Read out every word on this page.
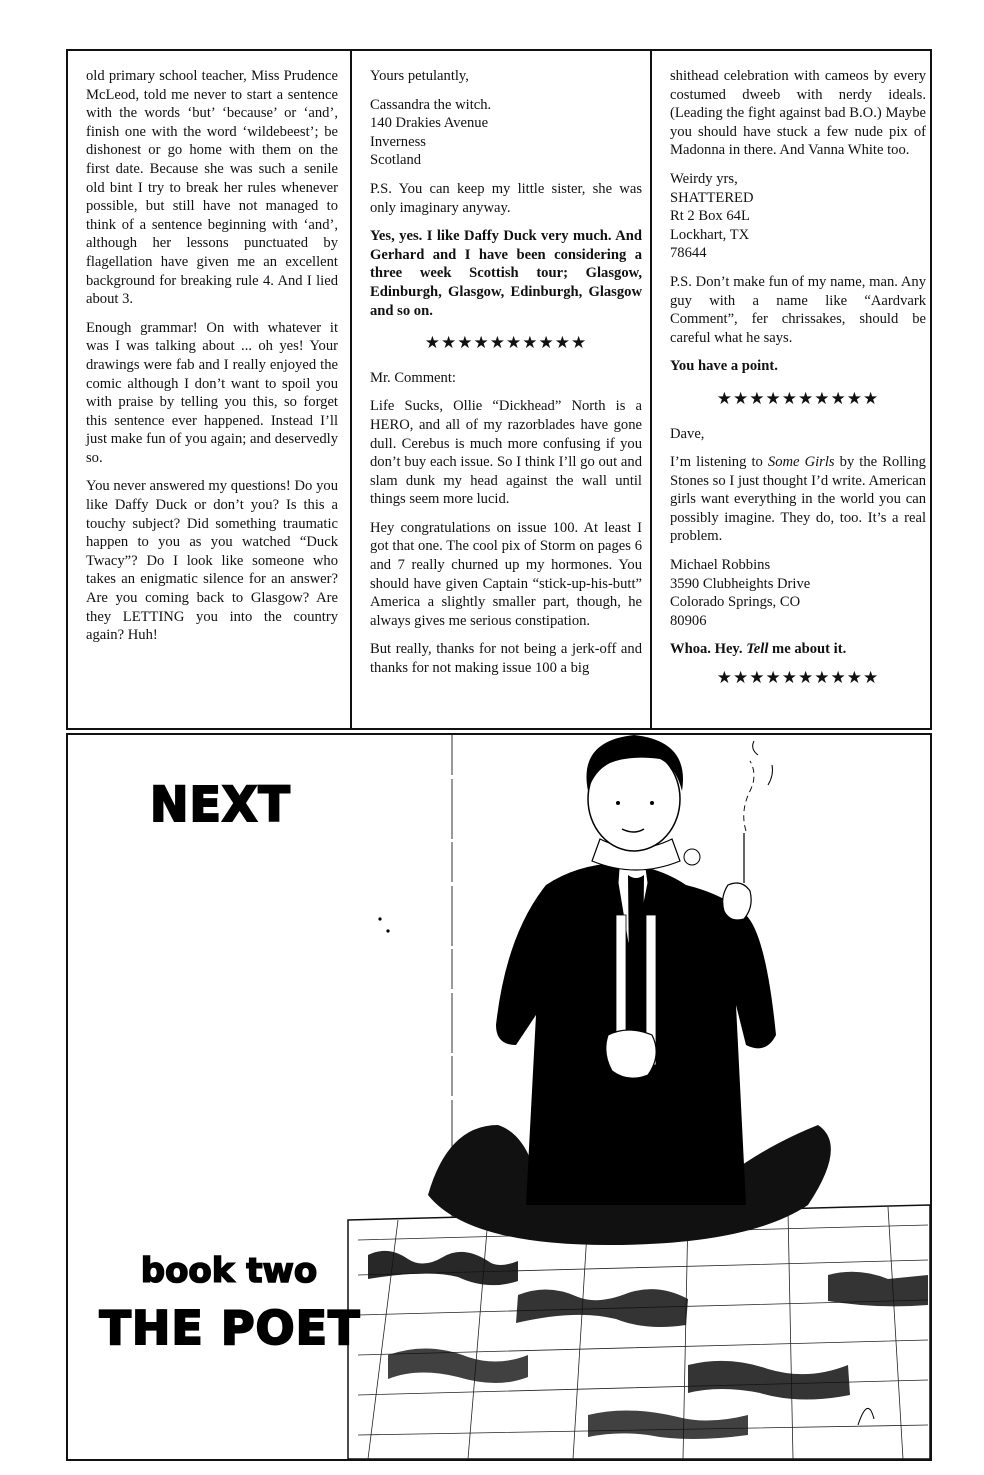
old primary school teacher, Miss Prudence McLeod, told me never to start a sentence with the words ‘but’ ‘because’ or ‘and’, finish one with the word ‘wildebeest’; be dishonest or go home with them on the first date. Because she was such a senile old bint I try to break her rules whenever possible, but still have not managed to think of a sentence beginning with ‘and’, although her lessons punctuated by flagellation have given me an excellent background for breaking rule 4. And I lied about 3.

Enough grammar! On with whatever it was I was talking about ... oh yes! Your drawings were fab and I really enjoyed the comic although I don’t want to spoil you with praise by telling you this, so forget this sentence ever happened. Instead I’ll just make fun of you again; and deservedly so.

You never answered my questions! Do you like Daffy Duck or don’t you? Is this a touchy subject? Did something traumatic happen to you as you watched “Duck Twacy”? Do I look like someone who takes an enigmatic silence for an answer? Are you coming back to Glasgow? Are they LETTING you into the country again? Huh!

Yours petulantly,

Cassandra the witch.
140 Drakies Avenue
Inverness
Scotland

P.S. You can keep my little sister, she was only imaginary anyway.

Yes, yes. I like Daffy Duck very much. And Gerhard and I have been considering a three week Scottish tour; Glasgow, Edinburgh, Glasgow, Edinburgh, Glasgow and so on.

★★★★★★★★★★

Mr. Comment:

Life Sucks, Ollie “Dickhead” North is a HERO, and all of my razorblades have gone dull. Cerebus is much more confusing if you don’t buy each issue. So I think I’ll go out and slam dunk my head against the wall until things seem more lucid.

Hey congratulations on issue 100. At least I got that one. The cool pix of Storm on pages 6 and 7 really churned up my hormones. You should have given Captain “stick-up-his-butt” America a slightly smaller part, though, he always gives me serious constipation.

But really, thanks for not being a jerk-off and thanks for not making issue 100 a big

shithead celebration with cameos by every costumed dweeb with nerdy ideals. (Leading the fight against bad B.O.) Maybe you should have stuck a few nude pix of Madonna in there. And Vanna White too.

Weirdy yrs,
SHATTERED
Rt 2 Box 64L
Lockhart, TX
78644

P.S. Don’t make fun of my name, man. Any guy with a name like “Aardvark Comment”, fer chrissakes, should be careful what he says.

You have a point.

★★★★★★★★★★

Dave,

I’m listening to Some Girls by the Rolling Stones so I just thought I’d write. American girls want everything in the world you can possibly imagine. They do, too. It’s a real problem.

Michael Robbins
3590 Clubheights Drive
Colorado Springs, CO
80906

Whoa. Hey. Tell me about it.

★★★★★★★★★★
NEXT
book two
THE POET
